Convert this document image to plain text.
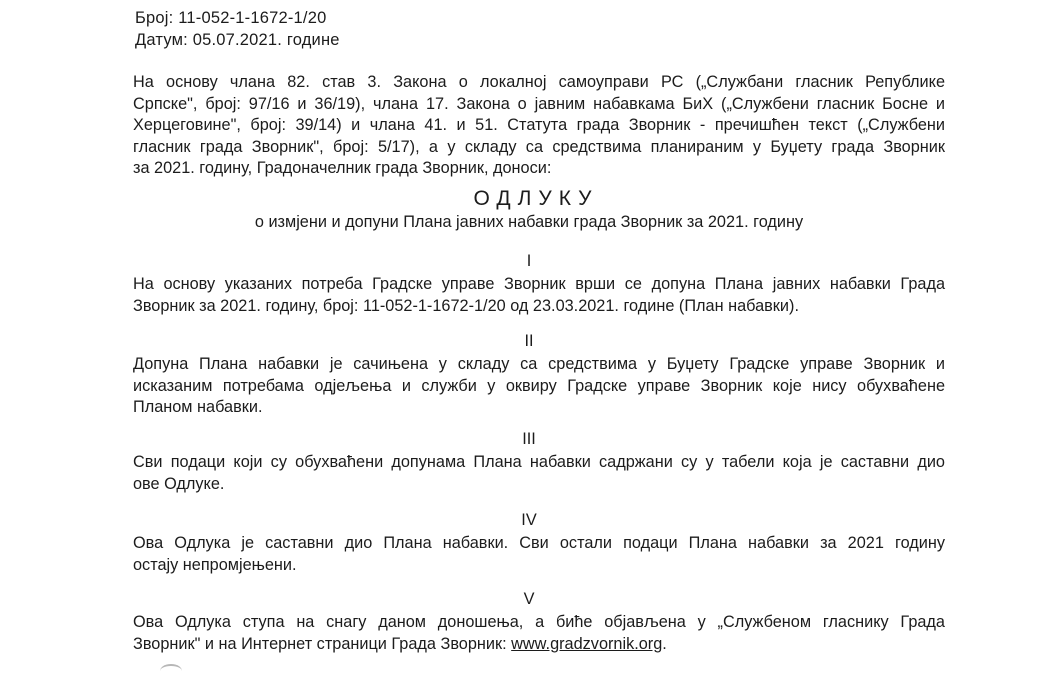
Број: 11-052-1-1672-1/20
Датум: 05.07.2021. године
На основу члана 82. став 3. Закона о локалној самоуправи РС („Службани гласник Републике
Српске", број: 97/16 и 36/19), члана 17. Закона о јавним набавкама БиХ („Службени гласник Босне и
Херцеговине", број: 39/14) и члана 41. и 51. Статута града Зворник - пречишћен текст („Службени
гласник града Зворник", број: 5/17), а у складу са средствима планираним у Буџету града Зворник
за 2021. годину, Градоначелник града Зворник, доноси:
ОДЛУКУ
о измјени и допуни Плана јавних набавки града Зворник за 2021. годину
I
На основу указаних потреба Градске управе Зворник врши се допуна Плана јавних набавки Града
Зворник за 2021. годину, број: 11-052-1-1672-1/20 од 23.03.2021. године (План набавки).
II
Допуна Плана набавки је сачињена у складу са средствима у Буџету Градске управе Зворник и
исказаним потребама одјељења и служби у оквиру Градске управе Зворник које нису обухваћене
Планом набавки.
III
Сви подаци који су обухваћени допунама Плана набавки садржани су у табели која је саставни дио
ове Одлуке.
IV
Ова Одлука је саставни дио Плана набавки. Сви остали подаци Плана набавки за 2021 годину
остају непромјењени.
V
Ова Одлука ступа на снагу даном доношења, а биће објављена у „Службеном гласнику Града
Зворник" и на Интернет страници Града Зворник: www.gradzvornik.org.
